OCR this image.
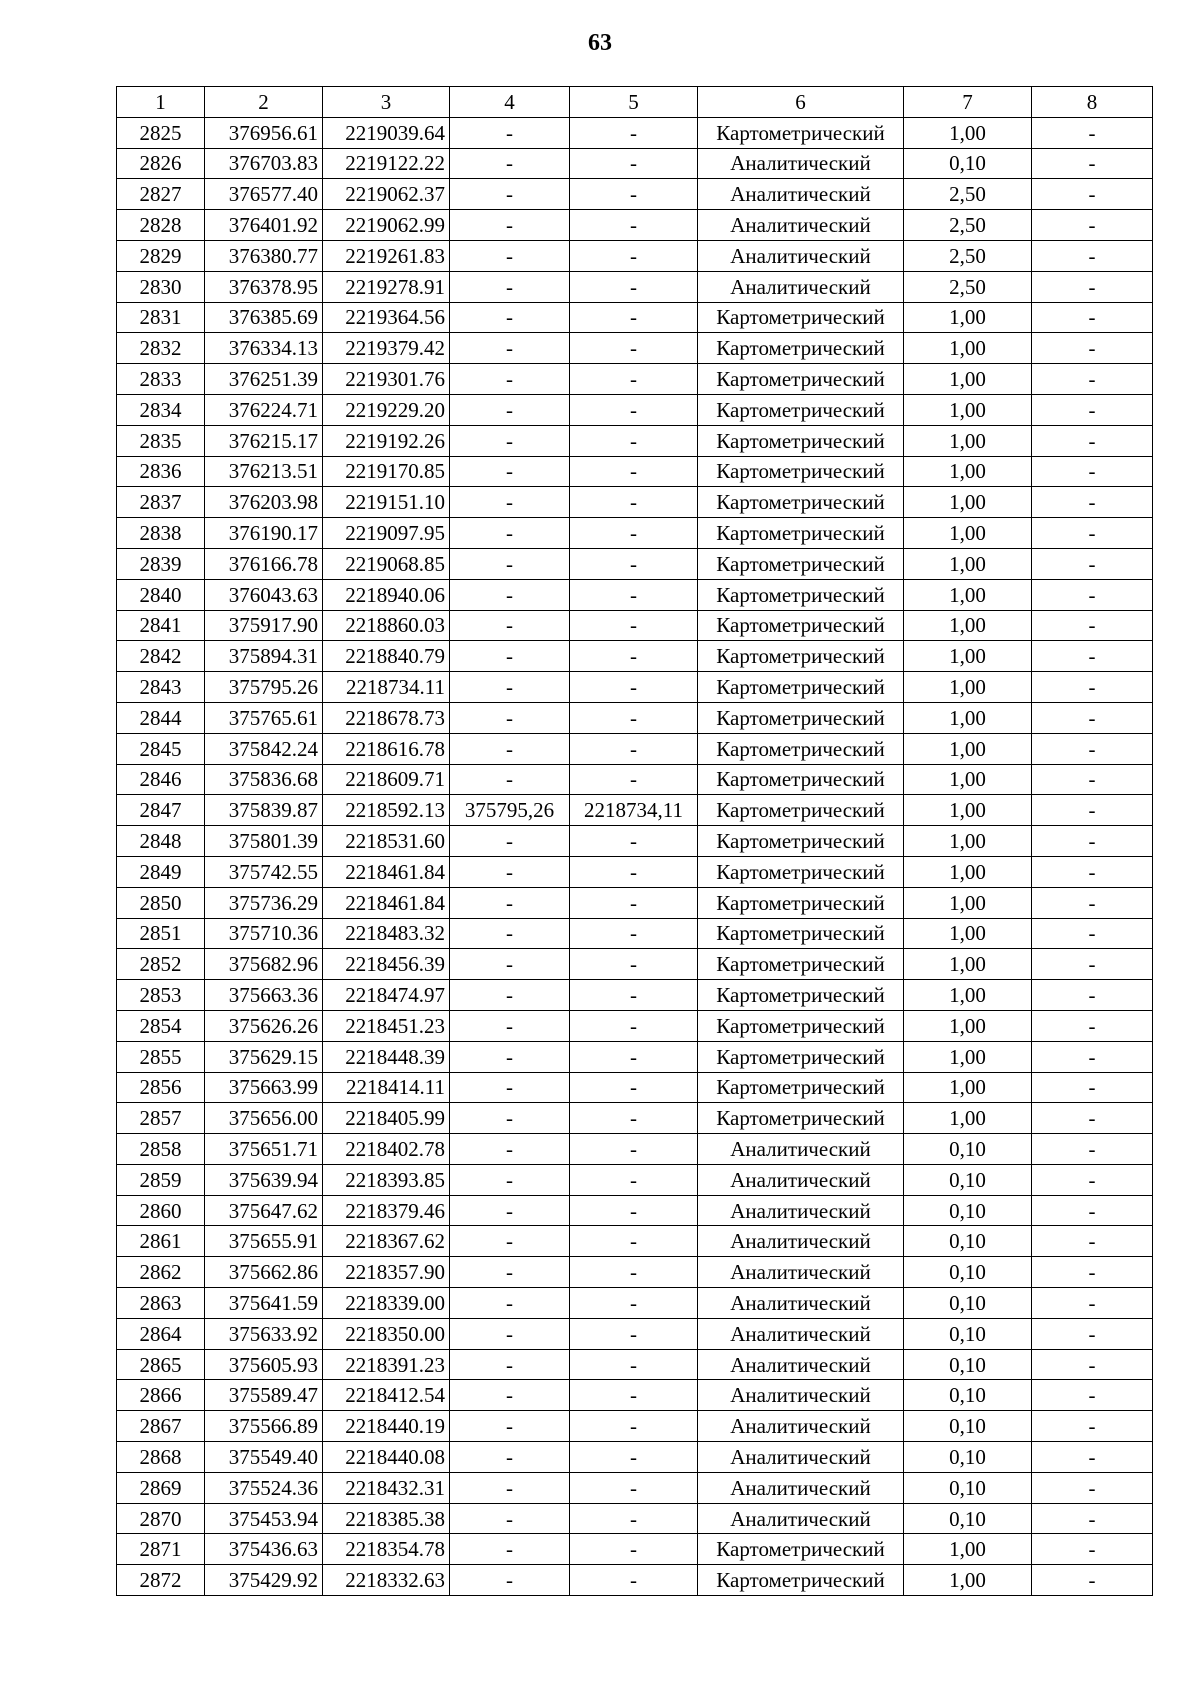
63
1	2	3	4	5	6	7	8
2825	376956.61	2219039.64	-	-	Картометрический	1,00	-
2826	376703.83	2219122.22	-	-	Аналитический	0,10	-
2827	376577.40	2219062.37	-	-	Аналитический	2,50	-
2828	376401.92	2219062.99	-	-	Аналитический	2,50	-
2829	376380.77	2219261.83	-	-	Аналитический	2,50	-
2830	376378.95	2219278.91	-	-	Аналитический	2,50	-
2831	376385.69	2219364.56	-	-	Картометрический	1,00	-
2832	376334.13	2219379.42	-	-	Картометрический	1,00	-
2833	376251.39	2219301.76	-	-	Картометрический	1,00	-
2834	376224.71	2219229.20	-	-	Картометрический	1,00	-
2835	376215.17	2219192.26	-	-	Картометрический	1,00	-
2836	376213.51	2219170.85	-	-	Картометрический	1,00	-
2837	376203.98	2219151.10	-	-	Картометрический	1,00	-
2838	376190.17	2219097.95	-	-	Картометрический	1,00	-
2839	376166.78	2219068.85	-	-	Картометрический	1,00	-
2840	376043.63	2218940.06	-	-	Картометрический	1,00	-
2841	375917.90	2218860.03	-	-	Картометрический	1,00	-
2842	375894.31	2218840.79	-	-	Картометрический	1,00	-
2843	375795.26	2218734.11	-	-	Картометрический	1,00	-
2844	375765.61	2218678.73	-	-	Картометрический	1,00	-
2845	375842.24	2218616.78	-	-	Картометрический	1,00	-
2846	375836.68	2218609.71	-	-	Картометрический	1,00	-
2847	375839.87	2218592.13	375795,26	2218734,11	Картометрический	1,00	-
2848	375801.39	2218531.60	-	-	Картометрический	1,00	-
2849	375742.55	2218461.84	-	-	Картометрический	1,00	-
2850	375736.29	2218461.84	-	-	Картометрический	1,00	-
2851	375710.36	2218483.32	-	-	Картометрический	1,00	-
2852	375682.96	2218456.39	-	-	Картометрический	1,00	-
2853	375663.36	2218474.97	-	-	Картометрический	1,00	-
2854	375626.26	2218451.23	-	-	Картометрический	1,00	-
2855	375629.15	2218448.39	-	-	Картометрический	1,00	-
2856	375663.99	2218414.11	-	-	Картометрический	1,00	-
2857	375656.00	2218405.99	-	-	Картометрический	1,00	-
2858	375651.71	2218402.78	-	-	Аналитический	0,10	-
2859	375639.94	2218393.85	-	-	Аналитический	0,10	-
2860	375647.62	2218379.46	-	-	Аналитический	0,10	-
2861	375655.91	2218367.62	-	-	Аналитический	0,10	-
2862	375662.86	2218357.90	-	-	Аналитический	0,10	-
2863	375641.59	2218339.00	-	-	Аналитический	0,10	-
2864	375633.92	2218350.00	-	-	Аналитический	0,10	-
2865	375605.93	2218391.23	-	-	Аналитический	0,10	-
2866	375589.47	2218412.54	-	-	Аналитический	0,10	-
2867	375566.89	2218440.19	-	-	Аналитический	0,10	-
2868	375549.40	2218440.08	-	-	Аналитический	0,10	-
2869	375524.36	2218432.31	-	-	Аналитический	0,10	-
2870	375453.94	2218385.38	-	-	Аналитический	0,10	-
2871	375436.63	2218354.78	-	-	Картометрический	1,00	-
2872	375429.92	2218332.63	-	-	Картометрический	1,00	-
